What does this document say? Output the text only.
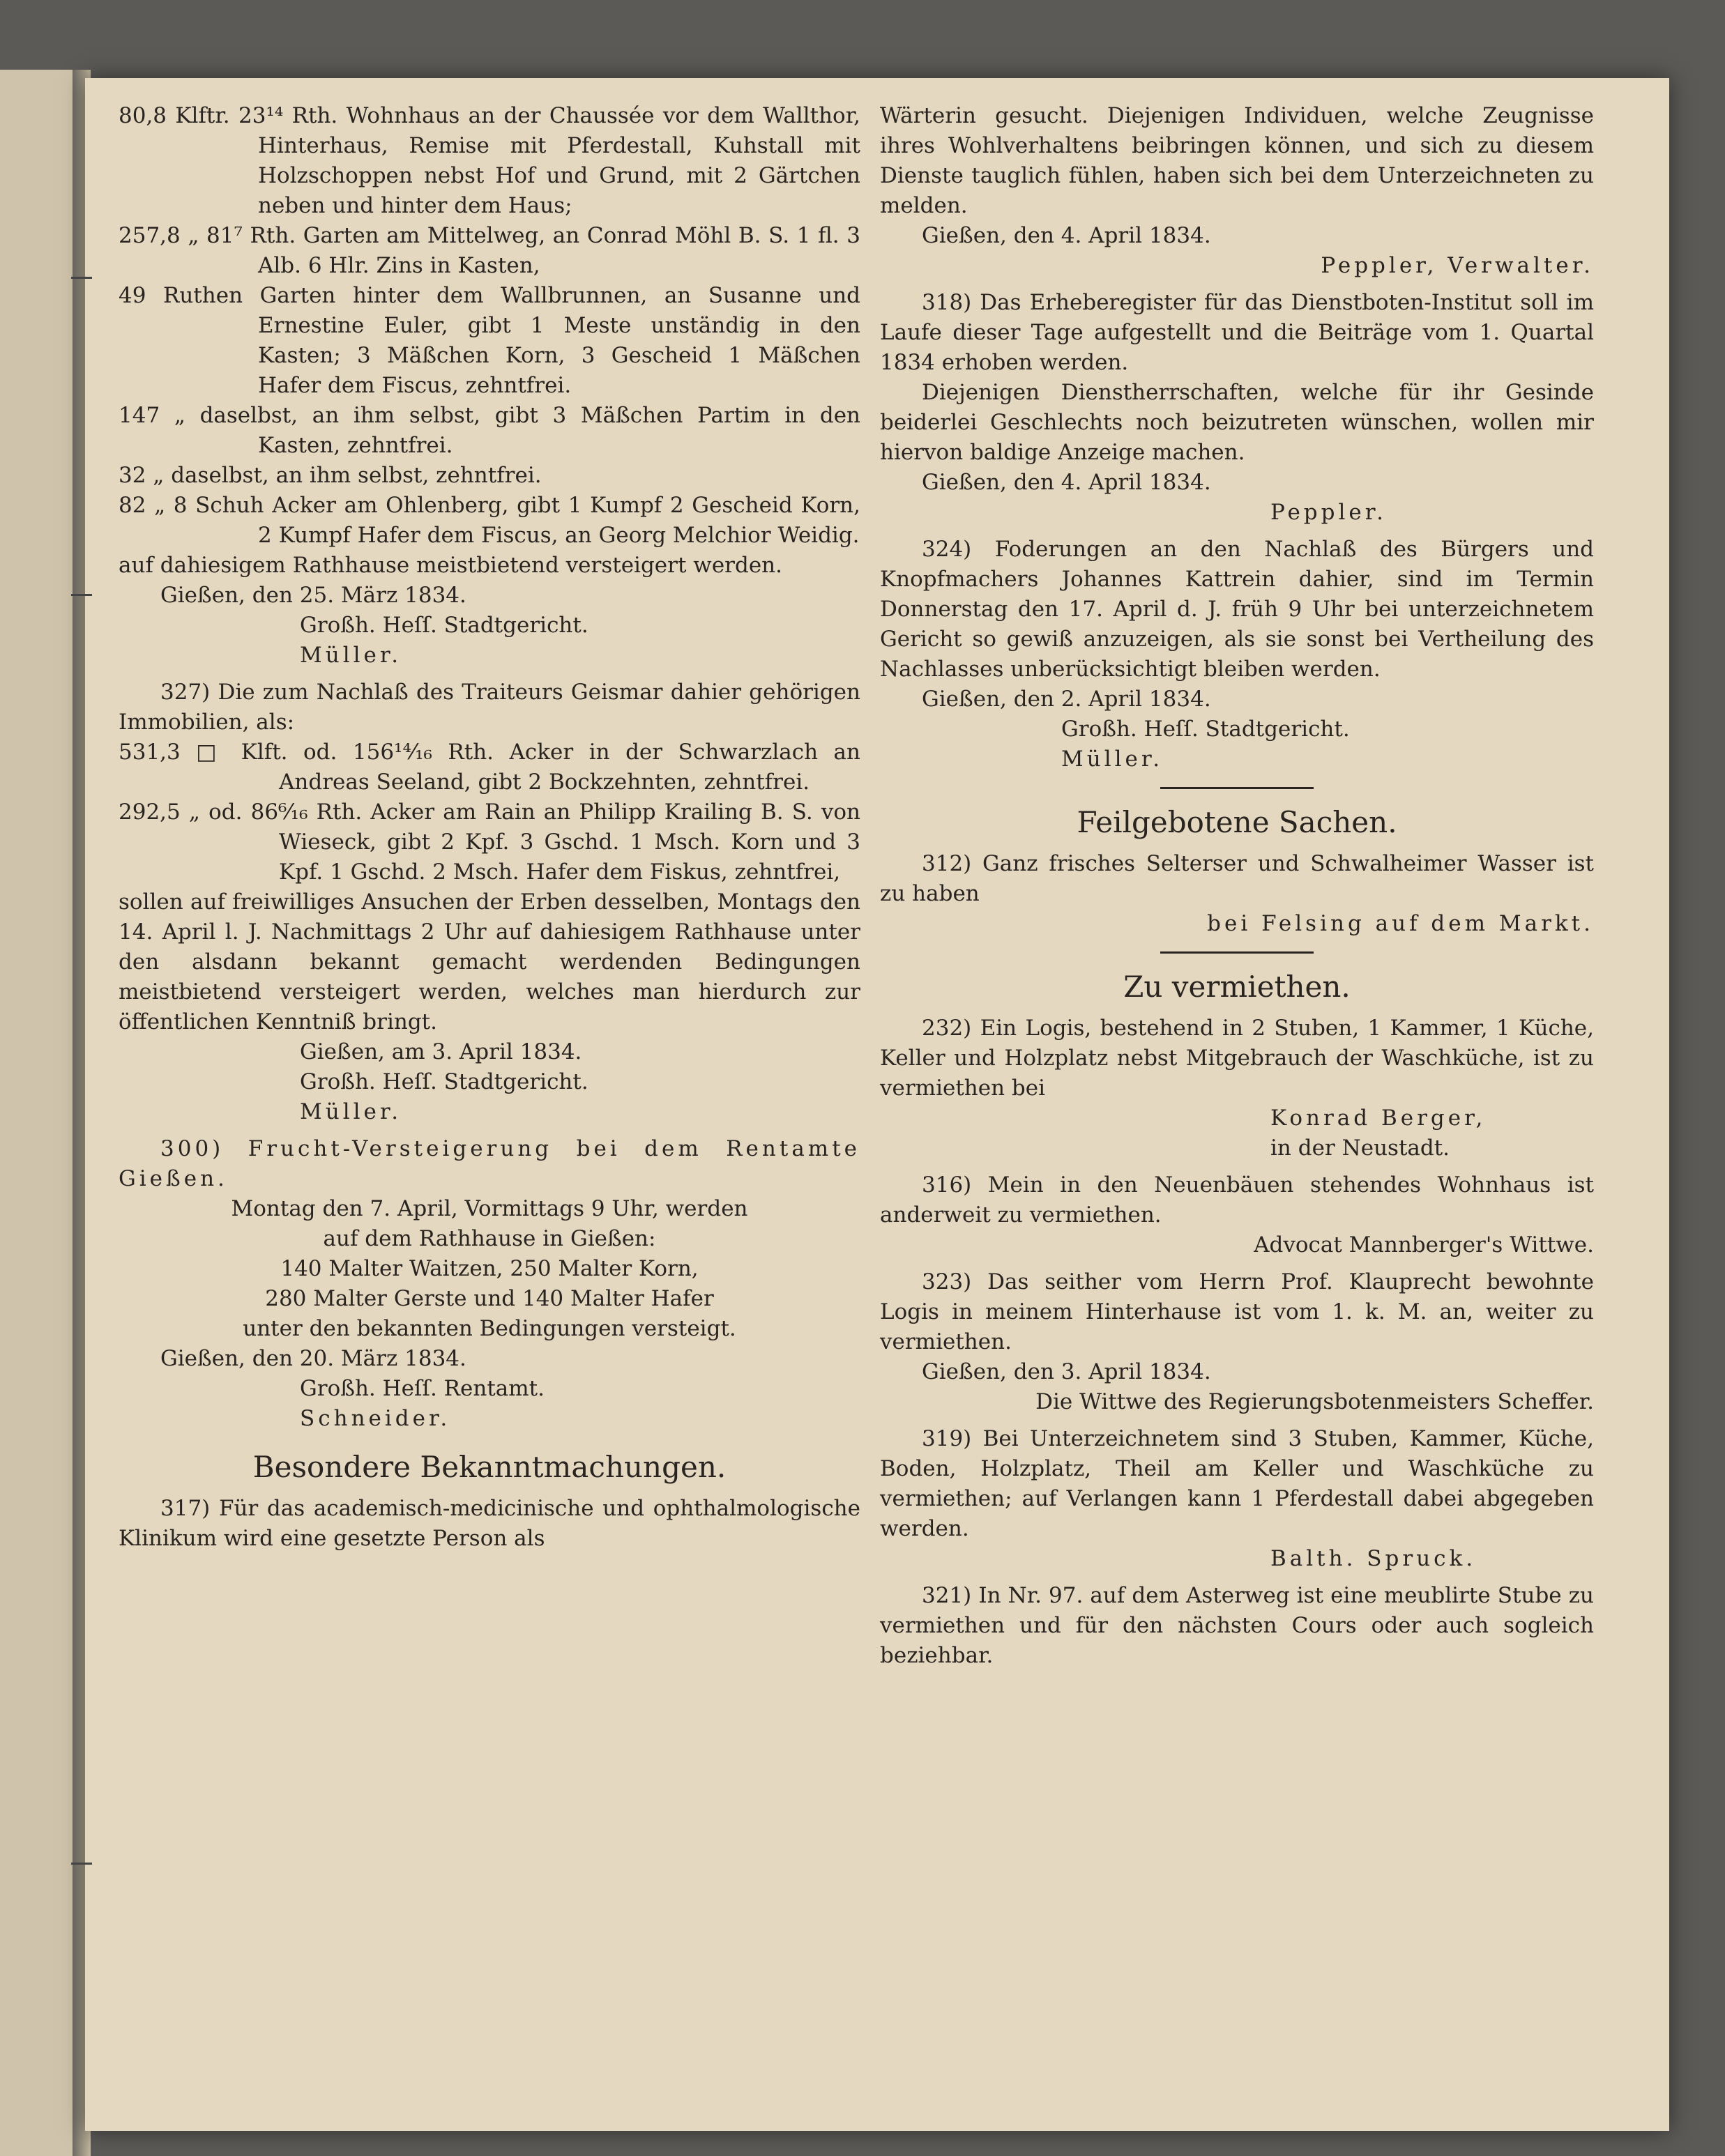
80,8 Klftr. 23¹⁴ Rth. Wohnhaus an der Chaussée vor dem Wallthor, Hinterhaus, Remise mit Pferdestall, Kuhstall mit Holzschoppen nebst Hof und Grund, mit 2 Gärtchen neben und hinter dem Haus;

257,8 „ 81⁷ Rth. Garten am Mittelweg, an Conrad Möhl B. S. 1 fl. 3 Alb. 6 Hlr. Zins in Kasten,

49 Ruthen Garten hinter dem Wallbrunnen, an Susanne und Ernestine Euler, gibt 1 Meste unständig in den Kasten; 3 Mäßchen Korn, 3 Gescheid 1 Mäßchen Hafer dem Fiscus, zehntfrei.

147 „ daselbst, an ihm selbst, gibt 3 Mäßchen Partim in den Kasten, zehntfrei.

32 „ daselbst, an ihm selbst, zehntfrei.

82 „ 8 Schuh Acker am Ohlenberg, gibt 1 Kumpf 2 Gescheid Korn, 2 Kumpf Hafer dem Fiscus, an Georg Melchior Weidig.

auf dahiesigem Rathhause meistbietend versteigert werden.

Gießen, den 25. März 1834.

Großh. Heſſ. Stadtgericht.

Müller.

327) Die zum Nachlaß des Traiteurs Geismar dahier gehörigen Immobilien, als:

531,3 □ Klft. od. 156¹⁴⁄₁₆ Rth. Acker in der Schwarzlach an Andreas Seeland, gibt 2 Bockzehnten, zehntfrei.

292,5 „ od. 86⁶⁄₁₆ Rth. Acker am Rain an Philipp Krailing B. S. von Wieseck, gibt 2 Kpf. 3 Gschd. 1 Msch. Korn und 3 Kpf. 1 Gschd. 2 Msch. Hafer dem Fiskus, zehntfrei,

sollen auf freiwilliges Ansuchen der Erben desselben, Montags den 14. April l. J. Nachmittags 2 Uhr auf dahiesigem Rathhause unter den alsdann bekannt gemacht werdenden Bedingungen meistbietend versteigert werden, welches man hierdurch zur öffentlichen Kenntniß bringt.

Gießen, am 3. April 1834.

Großh. Heſſ. Stadtgericht.

Müller.

300) Frucht-Versteigerung bei dem Rentamte Gießen.

Montag den 7. April, Vormittags 9 Uhr, werden

auf dem Rathhause in Gießen:

140 Malter Waitzen, 250 Malter Korn,

280 Malter Gerste und 140 Malter Hafer

unter den bekannten Bedingungen versteigt.

Gießen, den 20. März 1834.

Großh. Heſſ. Rentamt.

Schneider.

Besondere Bekanntmachungen.

317) Für das academisch-medicinische und ophthalmologische Klinikum wird eine gesetzte Person als

Wärterin gesucht. Diejenigen Individuen, welche Zeugnisse ihres Wohlverhaltens beibringen können, und sich zu diesem Dienste tauglich fühlen, haben sich bei dem Unterzeichneten zu melden.

Gießen, den 4. April 1834.

Peppler, Verwalter.

318) Das Erheberegister für das Dienstboten-Institut soll im Laufe dieser Tage aufgestellt und die Beiträge vom 1. Quartal 1834 erhoben werden.

Diejenigen Dienstherrschaften, welche für ihr Gesinde beiderlei Geschlechts noch beizutreten wünschen, wollen mir hiervon baldige Anzeige machen.

Gießen, den 4. April 1834.

Peppler.

324) Foderungen an den Nachlaß des Bürgers und Knopfmachers Johannes Kattrein dahier, sind im Termin Donnerstag den 17. April d. J. früh 9 Uhr bei unterzeichnetem Gericht so gewiß anzuzeigen, als sie sonst bei Vertheilung des Nachlasses unberücksichtigt bleiben werden.

Gießen, den 2. April 1834.

Großh. Heſſ. Stadtgericht.

Müller.

Feilgebotene Sachen.

312) Ganz frisches Selterser und Schwalheimer Wasser ist zu haben

bei Felsing auf dem Markt.

Zu vermiethen.

232) Ein Logis, bestehend in 2 Stuben, 1 Kammer, 1 Küche, Keller und Holzplatz nebst Mitgebrauch der Waschküche, ist zu vermiethen bei

Konrad Berger,

in der Neustadt.

316) Mein in den Neuenbäuen stehendes Wohnhaus ist anderweit zu vermiethen.

Advocat Mannberger's Wittwe.

323) Das seither vom Herrn Prof. Klauprecht bewohnte Logis in meinem Hinterhause ist vom 1. k. M. an, weiter zu vermiethen.

Gießen, den 3. April 1834.

Die Wittwe des Regierungsbotenmeisters Scheffer.

319) Bei Unterzeichnetem sind 3 Stuben, Kammer, Küche, Boden, Holzplatz, Theil am Keller und Waschküche zu vermiethen; auf Verlangen kann 1 Pferdestall dabei abgegeben werden.

Balth. Spruck.

321) In Nr. 97. auf dem Asterweg ist eine meublirte Stube zu vermiethen und für den nächsten Cours oder auch sogleich beziehbar.
